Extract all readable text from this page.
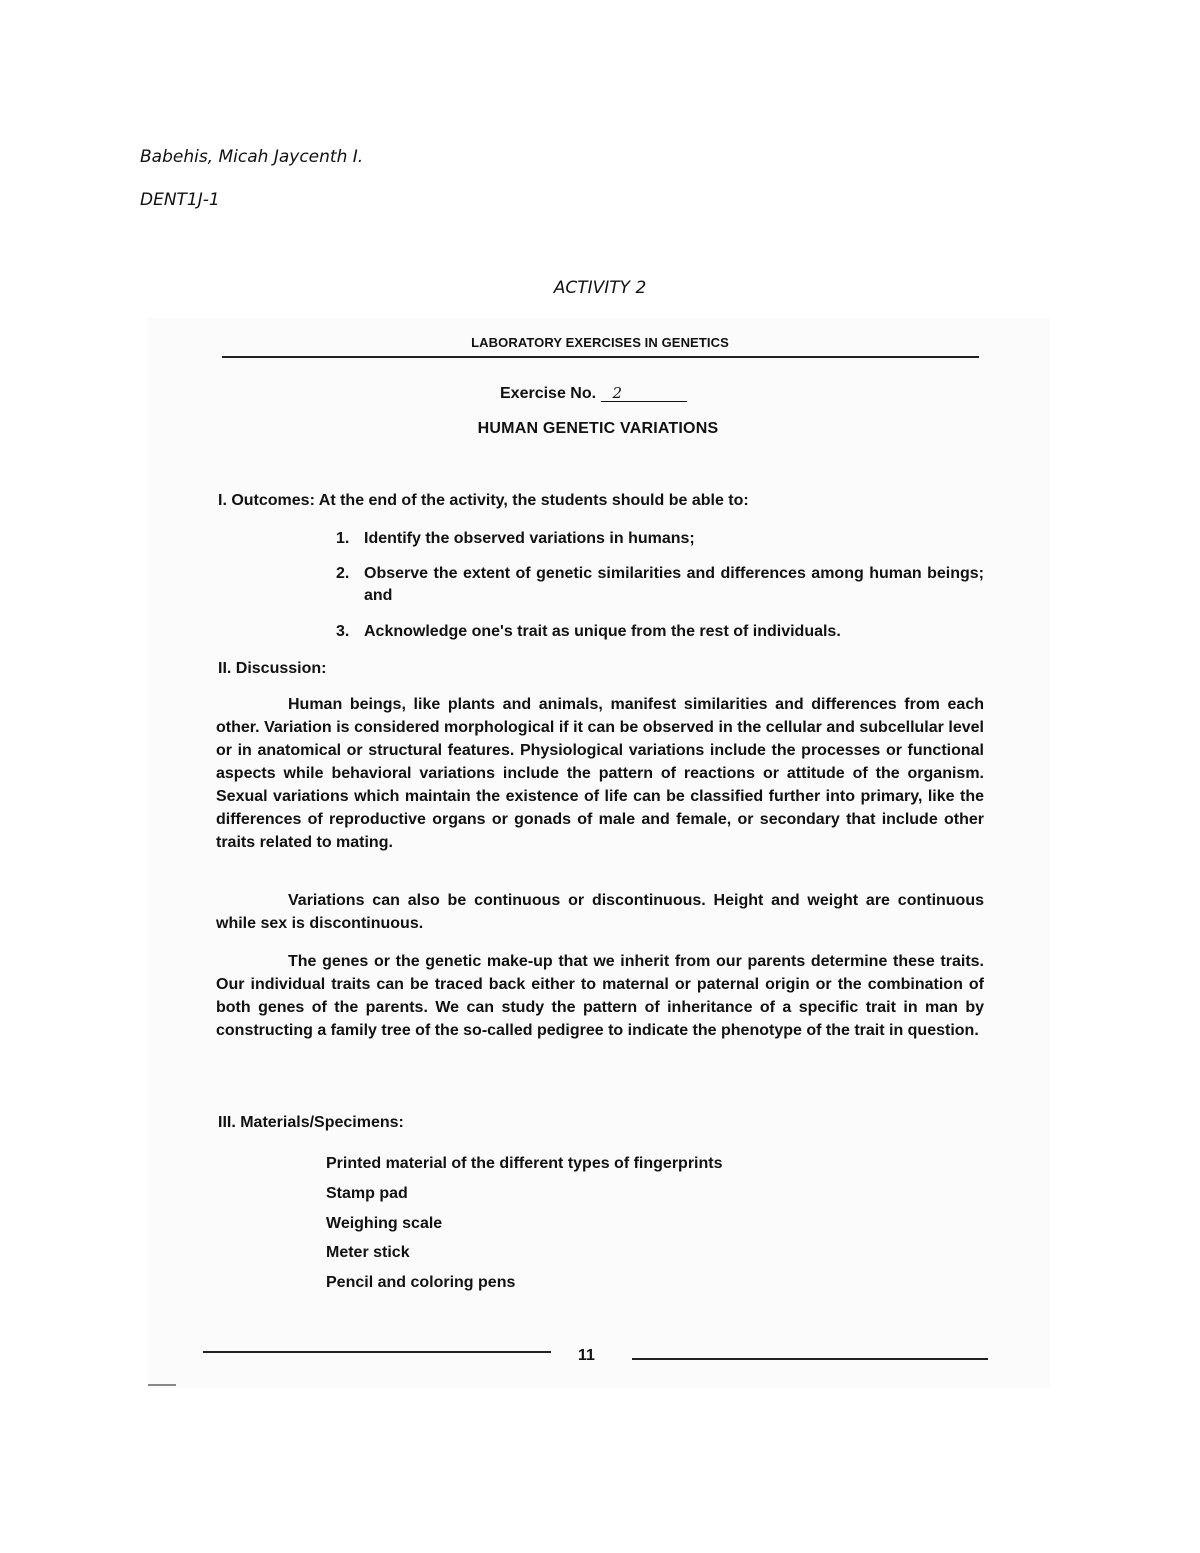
Babehis, Micah Jaycenth I.
DENT1J-1
ACTIVITY 2
LABORATORY EXERCISES IN GENETICS
Exercise No. 2
HUMAN GENETIC VARIATIONS
I. Outcomes: At the end of the activity, the students should be able to:
1. Identify the observed variations in humans;
2. Observe the extent of genetic similarities and differences among human beings; and
3. Acknowledge one's trait as unique from the rest of individuals.
II. Discussion:

Human beings, like plants and animals, manifest similarities and differences from each other. Variation is considered morphological if it can be observed in the cellular and subcellular level or in anatomical or structural features. Physiological variations include the processes or functional aspects while behavioral variations include the pattern of reactions or attitude of the organism. Sexual variations which maintain the existence of life can be classified further into primary, like the differences of reproductive organs or gonads of male and female, or secondary that include other traits related to mating.

Variations can also be continuous or discontinuous. Height and weight are continuous while sex is discontinuous.

The genes or the genetic make-up that we inherit from our parents determine these traits. Our individual traits can be traced back either to maternal or paternal origin or the combination of both genes of the parents. We can study the pattern of inheritance of a specific trait in man by constructing a family tree of the so-called pedigree to indicate the phenotype of the trait in question.

III. Materials/Specimens:
Printed material of the different types of fingerprints
Stamp pad
Weighing scale
Meter stick
Pencil and coloring pens
11
